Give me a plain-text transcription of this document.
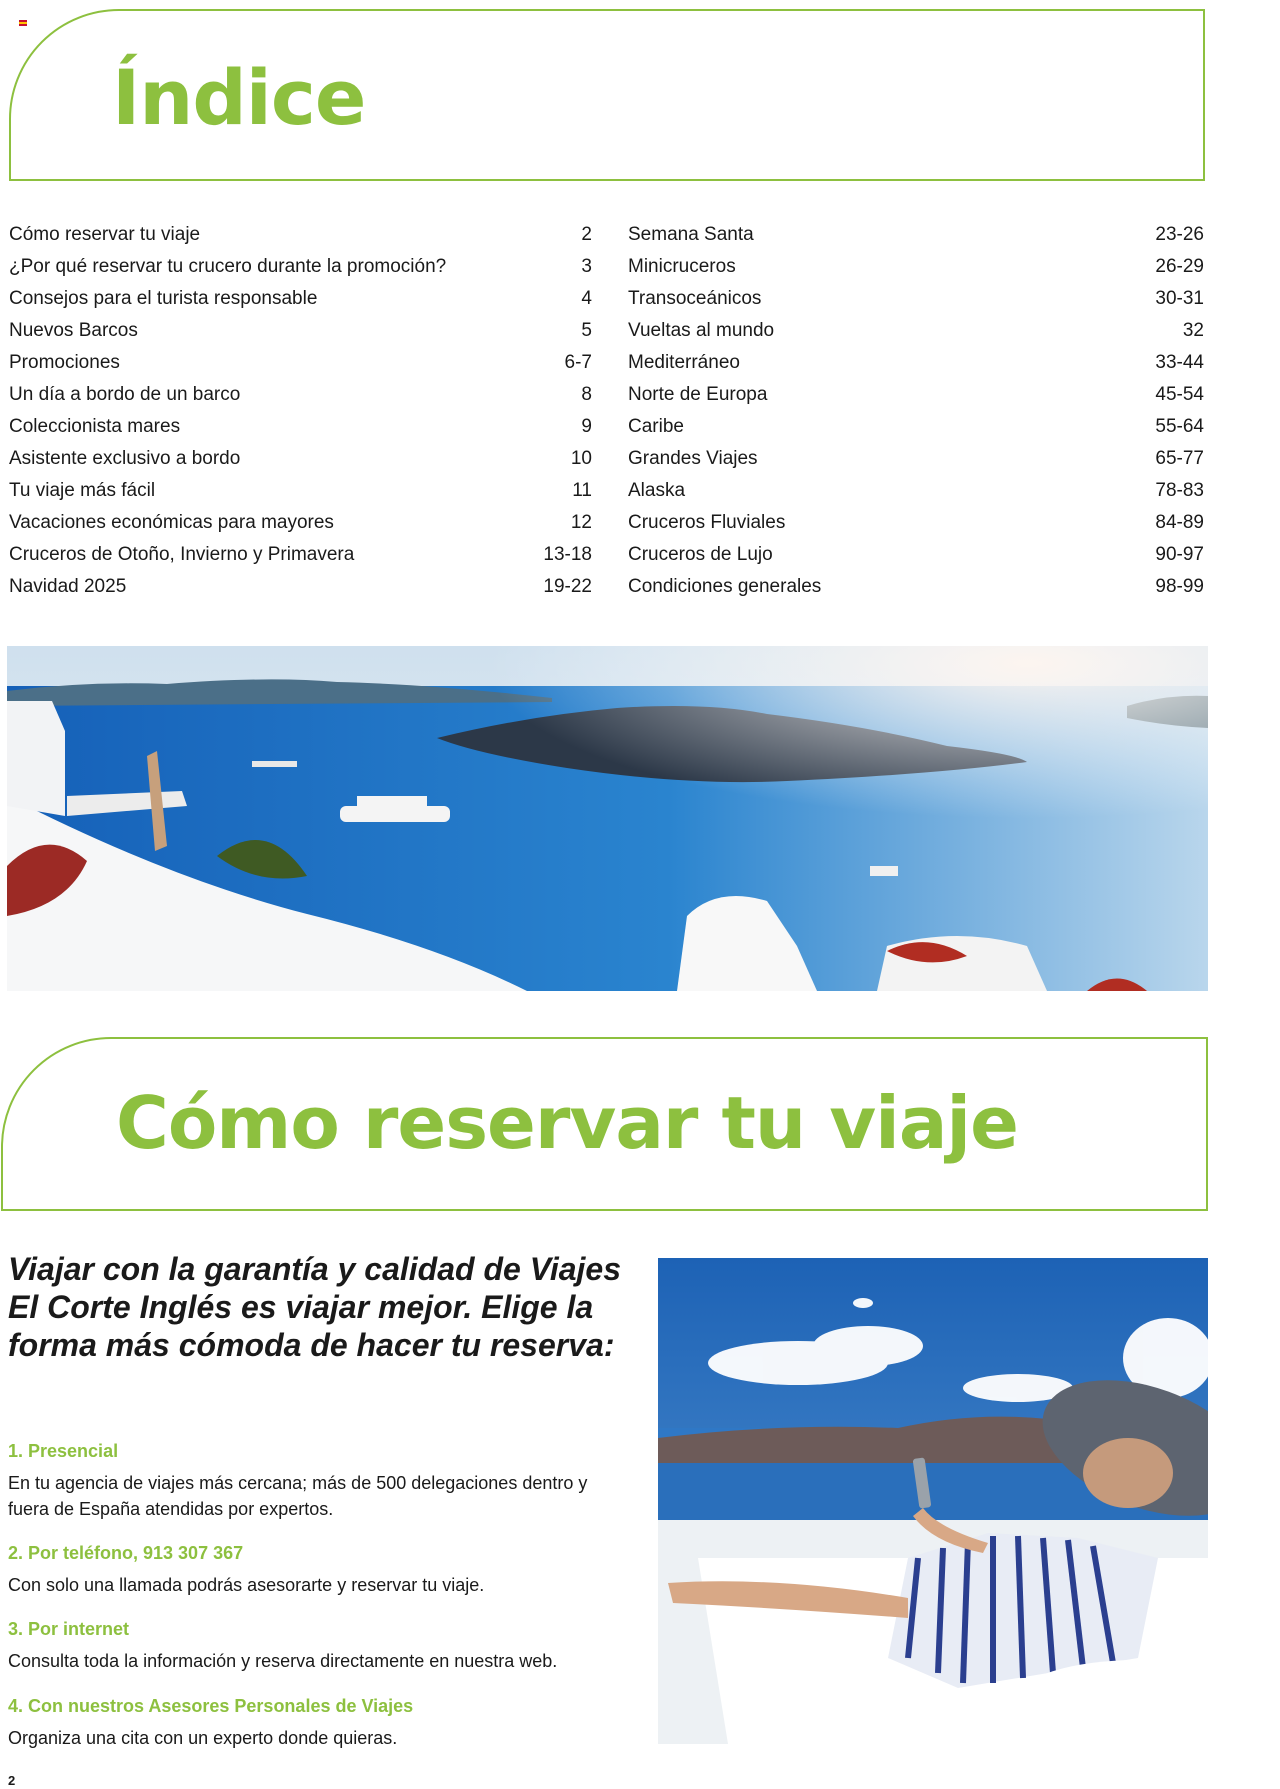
Índice
Cómo reservar tu viaje	2
¿Por qué reservar tu crucero durante la promoción?	3
Consejos para el turista responsable	4
Nuevos Barcos	5
Promociones	6-7
Un día a bordo de un barco	8
Coleccionista mares	9
Asistente exclusivo a bordo	10
Tu viaje más fácil	11
Vacaciones económicas para mayores	12
Cruceros de Otoño, Invierno y Primavera	13-18
Navidad 2025	19-22
Semana Santa	23-26
Minicruceros	26-29
Transoceánicos	30-31
Vueltas al mundo	32
Mediterráneo	33-44
Norte de Europa	45-54
Caribe	55-64
Grandes Viajes	65-77
Alaska	78-83
Cruceros Fluviales	84-89
Cruceros de Lujo	90-97
Condiciones generales	98-99
Cómo reservar tu viaje

Viajar con la garantía y calidad de Viajes El Corte Inglés es viajar mejor. Elige la forma más cómoda de hacer tu reserva:

1. Presencial

En tu agencia de viajes más cercana; más de 500 delegaciones dentro y fuera de España atendidas por expertos.

2. Por teléfono, 913 307 367

Con solo una llamada podrás asesorarte y reservar tu viaje.

3. Por internet

Consulta toda la información y reserva directamente en nuestra web.

4. Con nuestros Asesores Personales de Viajes

Organiza una cita con un experto donde quieras.

2
